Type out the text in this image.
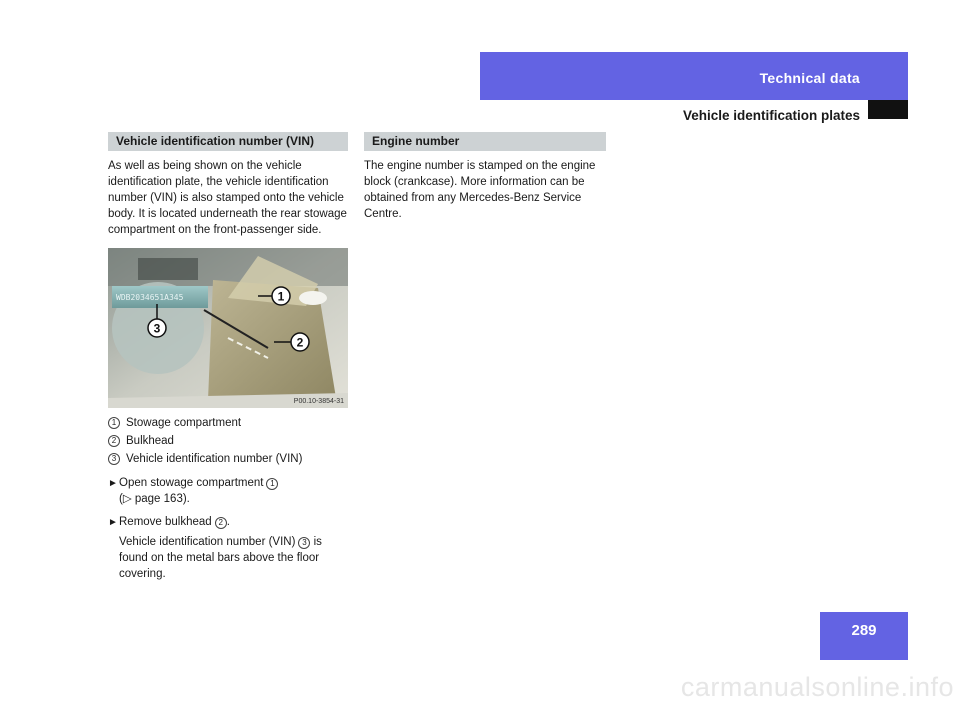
Technical data
Vehicle identification plates
Vehicle identification number (VIN)

As well as being shown on the vehicle identification plate, the vehicle identification number (VIN) is also stamped onto the vehicle body. It is located underneath the rear stowage compartment on the front-passenger side.

WDB2034651A345	1
2
3
P00.10-3854-31
1 Stowage compartment
2 Bulkhead
3 Vehicle identification number (VIN)
► Open stowage compartment 1
(▷ page 163).
► Remove bulkhead 2 .
Vehicle identification number (VIN) 3 is found on the metal bars above the floor covering.
Engine number

The engine number is stamped on the engine block (crankcase). More information can be obtained from any Mercedes-Benz Service Centre.

289
carmanualsonline.info
